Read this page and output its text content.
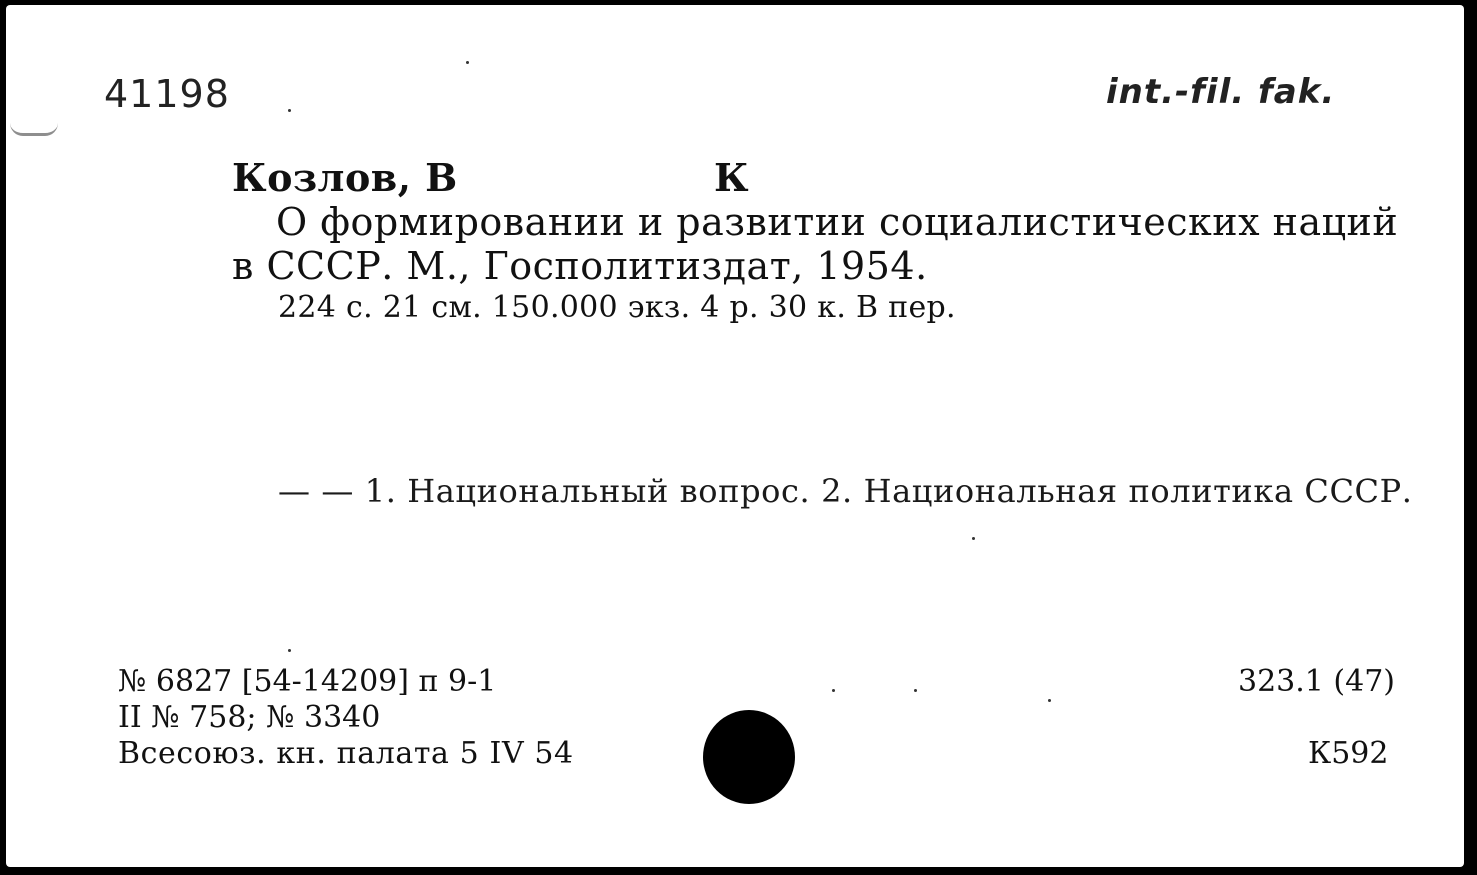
41198	int.-fil. fak.
Козлов, В	К
О формировании и развитии социалистических наций
в СССР. М., Госполитиздат, 1954.
224 с. 21 см. 150.000 экз. 4 р. 30 к. В пер.
— — 1. Национальный вопрос. 2. Национальная политика СССР.
№ 6827 [54-14209] п 9-1
II № 758; № 3340
Всесоюз. кн. палата 5 IV 54
323.1 (47)
К592
